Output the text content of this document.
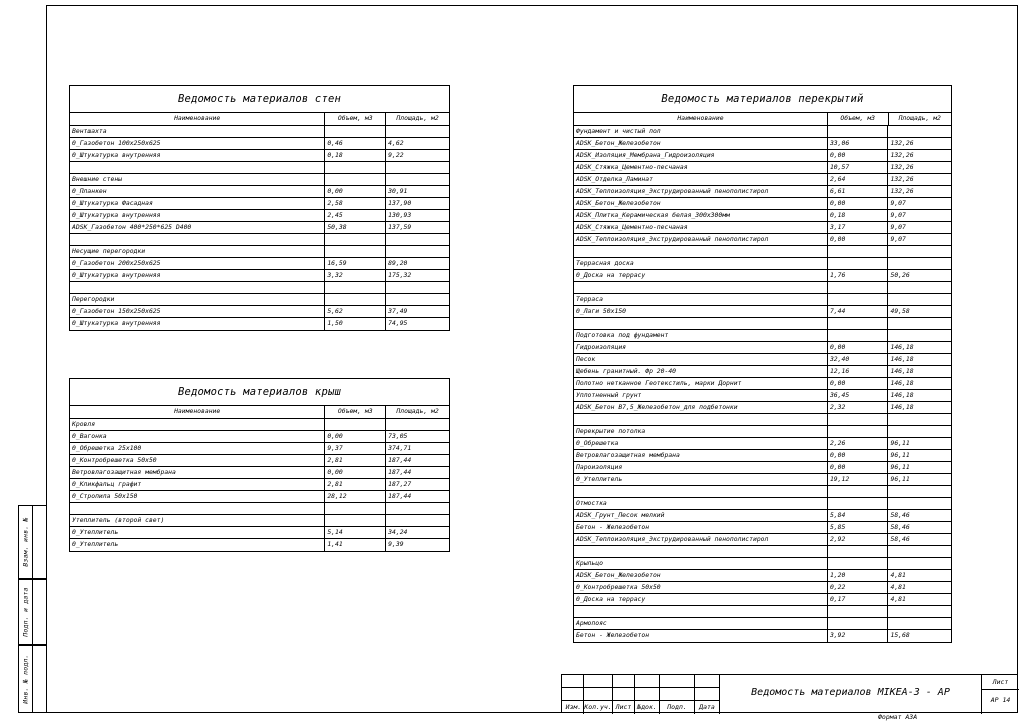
Взам. инв. №
Подп. и дата
Инв. № подл.
Ведомость материалов стен
Наименование	Объем, м3	Площадь, м2
Вентшахта
0_Газобетон 100х250х625	0,46	4,62
0_Штукатурка внутренняя	0,18	9,22
Внешние стены
0_Планкен	0,00	30,91
0_Штукатурка Фасадная	2,58	137,90
0_Штукатурка внутренняя	2,45	130,93
ADSK_Газобетон 400*250*625 D400	50,38	137,59
Несущие перегородки
0_Газобетон 200х250х625	16,59	89,20
0_Штукатурка внутренняя	3,32	175,32
Перегородки
0_Газобетон 150х250х625	5,62	37,49
0_Штукатурка внутренняя	1,50	74,95
Ведомость материалов крыш
Наименование	Объем, м3	Площадь, м2
Кровля
0_Вагонка	0,00	73,05
0_Обрешетка 25х100	9,37	374,71
0_Контробрешетка 50х50	2,81	187,44
Ветровлагозащитная мембрана	0,00	187,44
0_Кликфальц графит	2,81	187,27
0_Стропила 50х150	28,12	187,44
Утеплитель (второй свет)
0_Утеплитель	5,14	34,24
0_Утеплитель	1,41	9,39
Ведомость материалов перекрытий
Наименование	Объем, м3	Площадь, м2
Фундамент и чистый пол
ADSK_Бетон_Железобетон	33,06	132,26
ADSK_Изоляция_Мембрана_Гидроизоляция	0,00	132,26
ADSK_Стяжка_Цементно-песчаная	10,57	132,26
ADSK_Отделка_Ламинат	2,64	132,26
ADSK_Теплоизоляция_Экструдированный пенополистирол	6,61	132,26
ADSK_Бетон_Железобетон	0,00	9,07
ADSK_Плитка_Керамическая белая_300х300мм	0,18	9,07
ADSK_Стяжка_Цементно-песчаная	3,17	9,07
ADSK_Теплоизоляция_Экструдированный пенополистирол	0,00	9,07
Террасная доска
0_Доска на террасу	1,76	50,26
Терраса
0_Лаги 50х150	7,44	49,58
Подготовка под фундамент
Гидроизоляция	0,00	146,18
Песок	32,40	146,18
Щебень гранитный. Фр 20-40	12,16	146,18
Полотно нетканное Геотекстиль, марки Дорнит	0,00	146,18
Уплотненный грунт	36,45	146,18
ADSK_Бетон В7,5_Железобетон_для подбетонки	2,32	146,18
Перекрытие потолка
0_Обрешетка	2,26	96,11
Ветровлагозащитная мембрана	0,00	96,11
Пароизоляция	0,00	96,11
0_Утеплитель	19,12	96,11
Отмостка
ADSK_Грунт_Песок мелкий	5,84	58,46
Бетон - Железобетон	5,85	58,46
ADSK_Теплоизоляция_Экструдированный пенополистирол	2,92	58,46
Крыльцо
ADSK_Бетон_Железобетон	1,20	4,81
0_Контробрешетка 50х50	0,22	4,81
0_Доска на террасу	0,17	4,81
Армопояс
Бетон - Железобетон	3,92	15,68
Изм. Кол.уч. Лист №док.	Подп.	Дата
Ведомость материалов MIKEA-3 - АР
Лист
АР 14
Формат А3А
